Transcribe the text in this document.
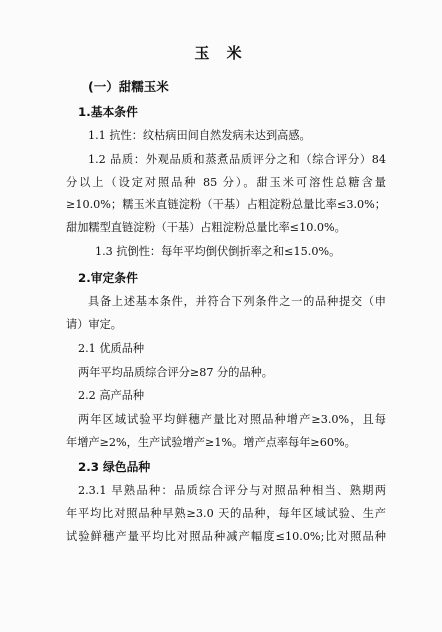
玉 米
(一）甜糯玉米
1.基本条件
1.1 抗性：纹枯病田间自然发病未达到高感。
1.2 品质：外观品质和蒸煮品质评分之和（综合评分）84
分以上（设定对照品种 85 分）。甜玉米可溶性总糖含量
≥10.0%；糯玉米直链淀粉（干基）占粗淀粉总量比率≤3.0%；
甜加糯型直链淀粉（干基）占粗淀粉总量比率≤10.0%。
1.3 抗倒性：每年平均倒伏倒折率之和≤15.0%。
2.审定条件
具备上述基本条件，并符合下列条件之一的品种提交（申
请）审定。
2.1 优质品种
两年平均品质综合评分≥87 分的品种。
2.2 高产品种
两年区域试验平均鲜穗产量比对照品种增产≥3.0%，且每
年增产≥2%，生产试验增产≥1%。增产点率每年≥60%。
2.3 绿色品种
2.3.1 早熟品种：品质综合评分与对照品种相当、熟期两
年平均比对照品种早熟≥3.0 天的品种，每年区域试验、生产
试验鲜穗产量平均比对照品种减产幅度≤10.0%;比对照品种
